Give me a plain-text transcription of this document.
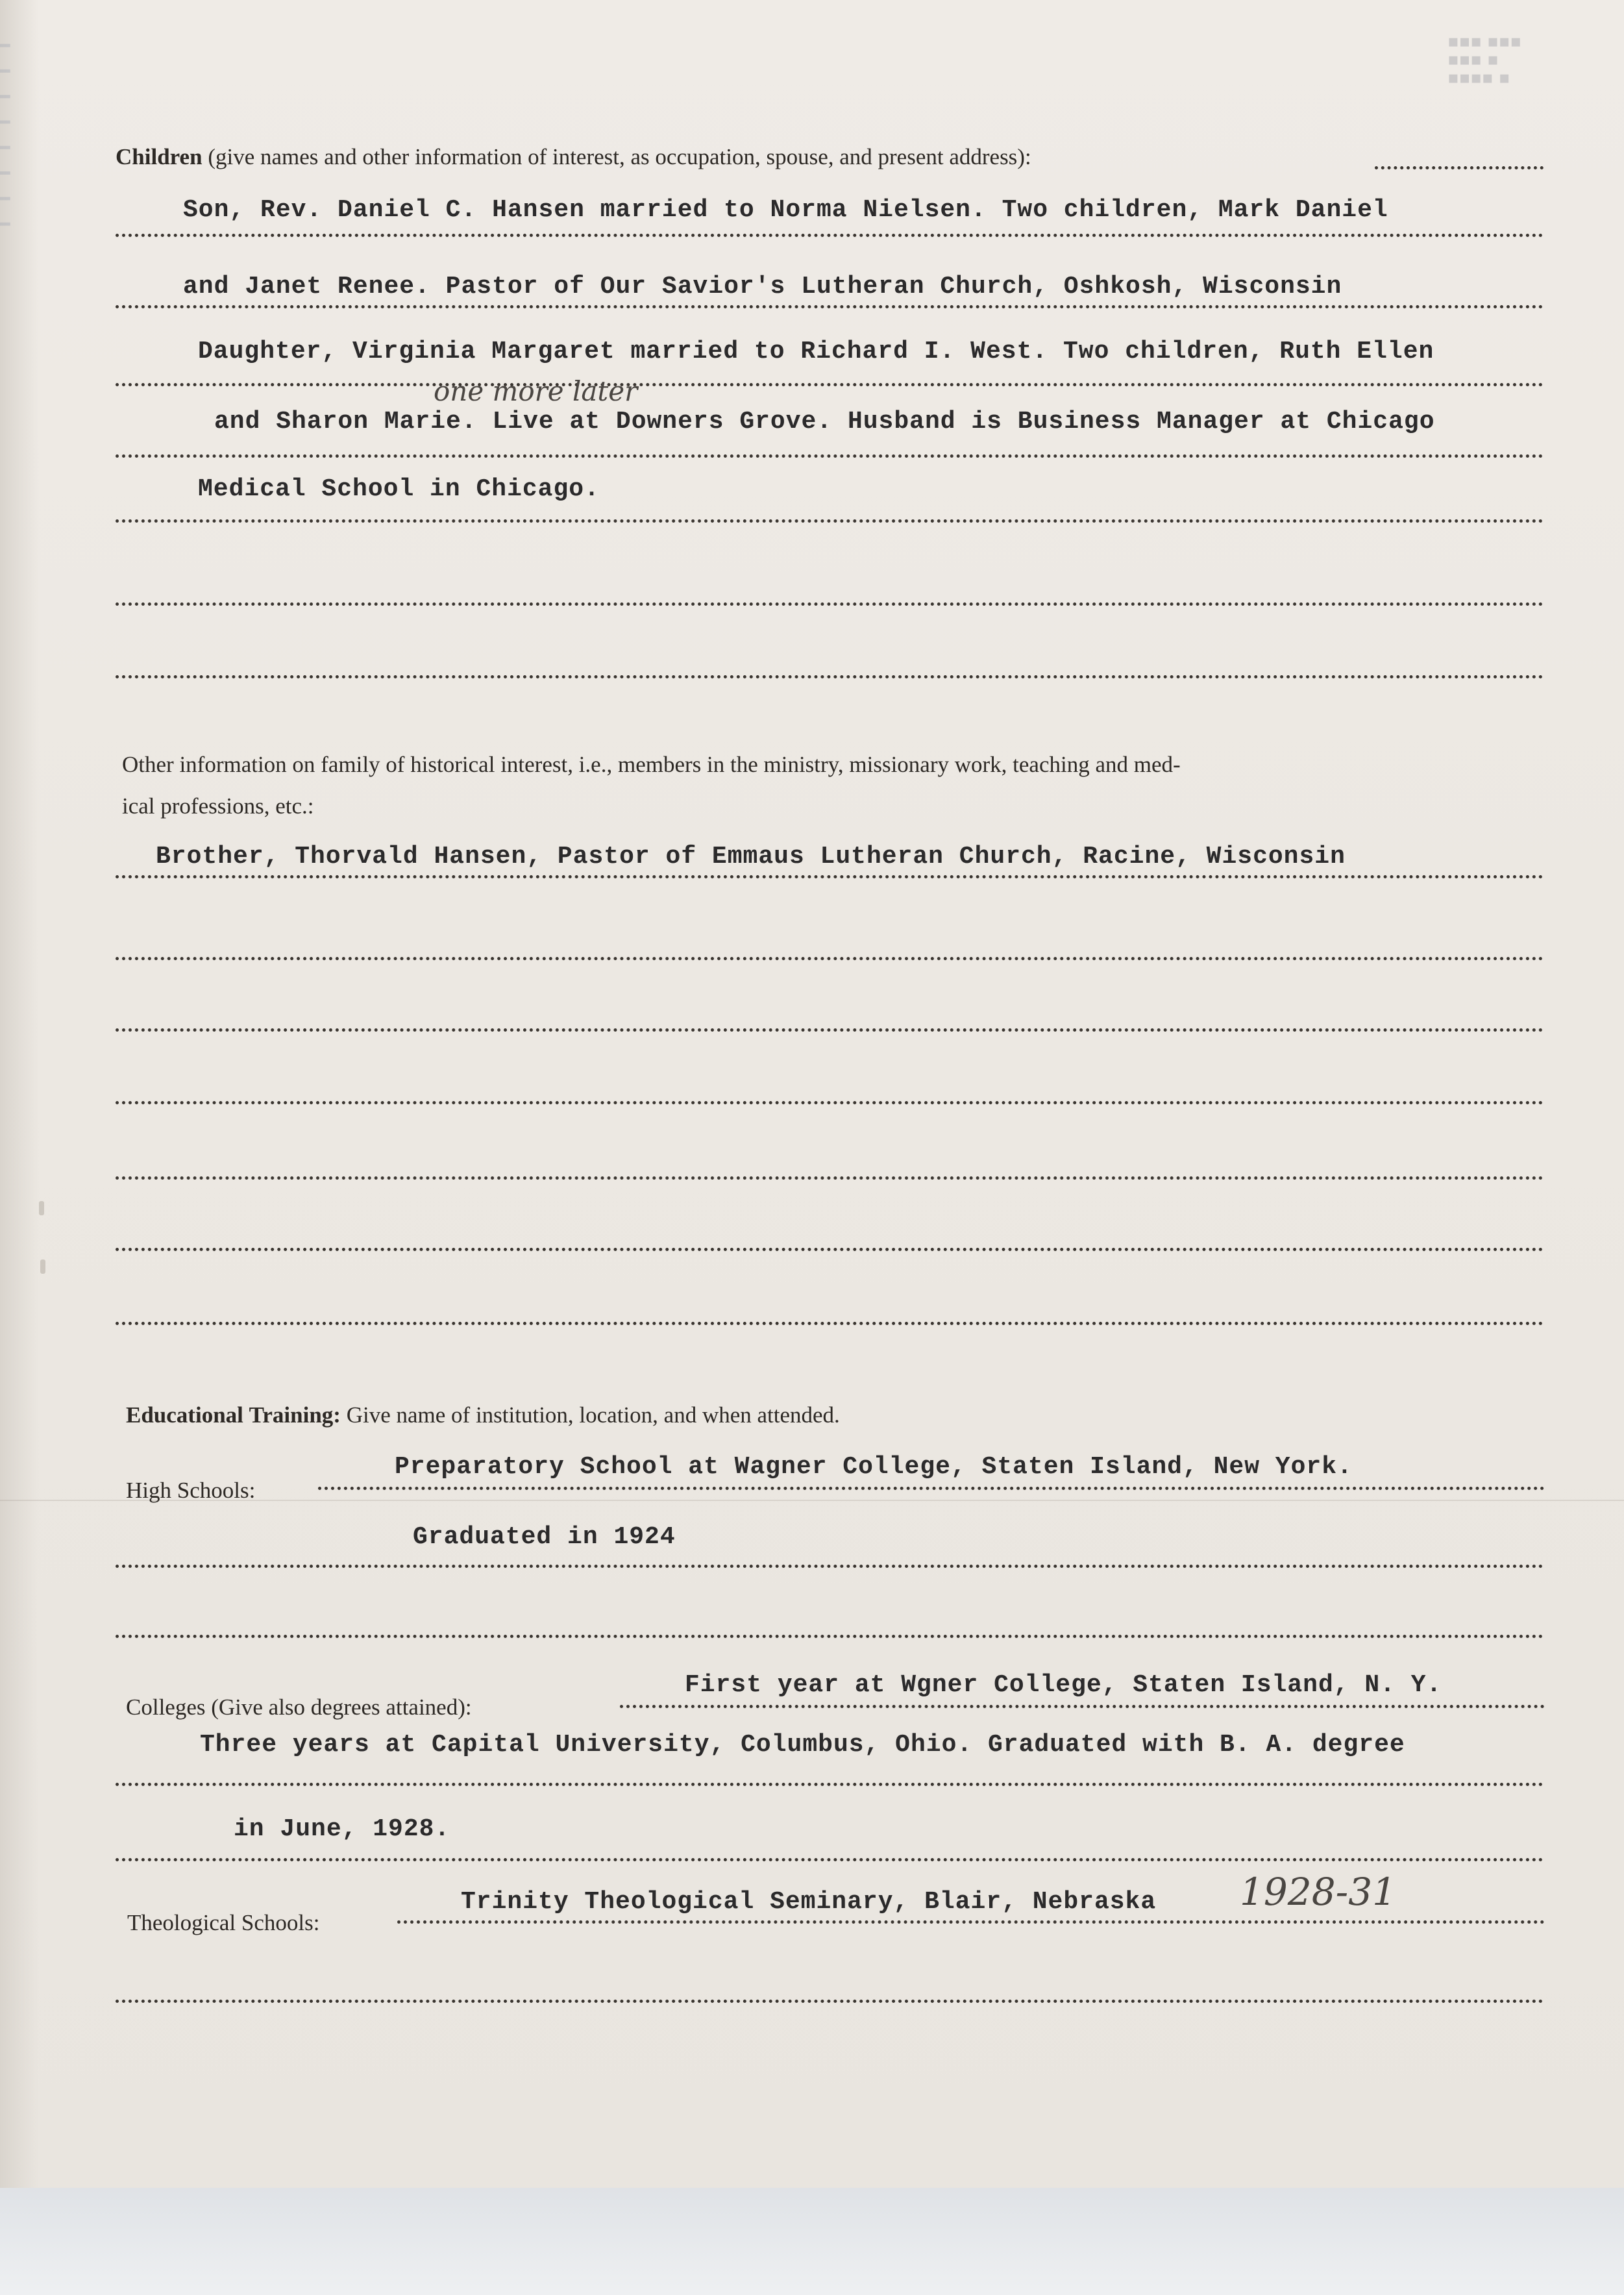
▪▪▪ ▪▪▪
▪▪▪ ▪
▪▪▪▪ ▪
Children (give names and other information of interest, as occupation, spouse, and present address):
Son, Rev. Daniel C. Hansen married to Norma Nielsen. Two children, Mark Daniel
and Janet Renee. Pastor of Our Savior's Lutheran Church, Oshkosh, Wisconsin
Daughter, Virginia Margaret married to Richard I. West. Two children, Ruth Ellen
one more later
and Sharon Marie. Live at Downers Grove. Husband is Business Manager at Chicago
Medical School in Chicago.
Other information on family of historical interest, i.e., members in the ministry, missionary work, teaching and med-
ical professions, etc.:
Brother, Thorvald Hansen, Pastor of Emmaus Lutheran Church, Racine, Wisconsin
Educational Training: Give name of institution, location, and when attended.
High Schools:
Preparatory School at Wagner College, Staten Island, New York.
Graduated in 1924
Colleges (Give also degrees attained):
First year at Wgner College, Staten Island, N. Y.
Three years at Capital University, Columbus, Ohio. Graduated with B. A. degree
in June, 1928.
Theological Schools:
Trinity Theological Seminary, Blair, Nebraska 1928-31
